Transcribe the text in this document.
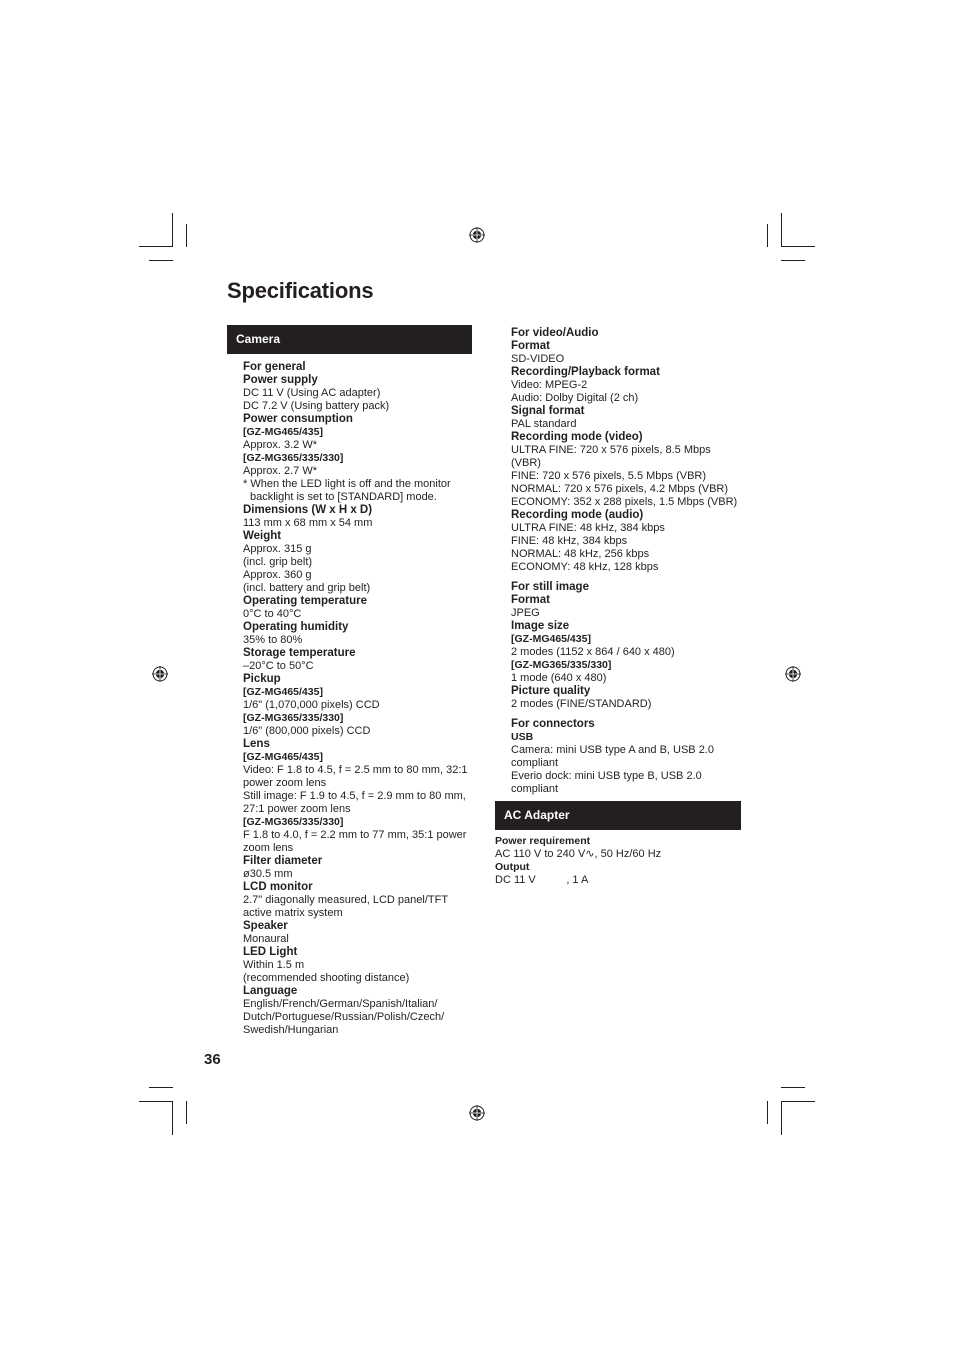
Specifications
Camera
For general
Power supply
DC 11 V (Using AC adapter)
DC 7.2 V (Using battery pack)
Power consumption
[GZ-MG465/435]
Approx. 3.2 W*
[GZ-MG365/335/330]
Approx. 2.7 W*
* When the LED light is off and the monitor backlight is set to [STANDARD] mode.
Dimensions (W x H x D)
113 mm x 68 mm x 54 mm
Weight
Approx. 315 g
(incl. grip belt)
Approx. 360 g
(incl. battery and grip belt)
Operating temperature
0°C to 40°C
Operating humidity
35% to 80%
Storage temperature
–20°C to 50°C
Pickup
[GZ-MG465/435]
1/6" (1,070,000 pixels) CCD
[GZ-MG365/335/330]
1/6" (800,000 pixels) CCD
Lens
[GZ-MG465/435]
Video: F 1.8 to 4.5, f = 2.5 mm to 80 mm, 32:1 power zoom lens
Still image: F 1.9 to 4.5, f = 2.9 mm to 80 mm, 27:1 power zoom lens
[GZ-MG365/335/330]
F 1.8 to 4.0, f = 2.2 mm to 77 mm, 35:1 power zoom lens
Filter diameter
ø30.5 mm
LCD monitor
2.7" diagonally measured, LCD panel/TFT active matrix system
Speaker
Monaural
LED Light
Within 1.5 m
(recommended shooting distance)
Language
English/French/German/Spanish/Italian/
Dutch/Portuguese/Russian/Polish/Czech/
Swedish/Hungarian
For video/Audio
Format
SD-VIDEO
Recording/Playback format
Video: MPEG-2
Audio: Dolby Digital (2 ch)
Signal format
PAL standard
Recording mode (video)
ULTRA FINE: 720 x 576 pixels, 8.5 Mbps (VBR)
FINE: 720 x 576 pixels, 5.5 Mbps (VBR)
NORMAL: 720 x 576 pixels, 4.2 Mbps (VBR)
ECONOMY: 352 x 288 pixels, 1.5 Mbps (VBR)
Recording mode (audio)
ULTRA FINE: 48 kHz, 384 kbps
FINE: 48 kHz, 384 kbps
NORMAL: 48 kHz, 256 kbps
ECONOMY: 48 kHz, 128 kbps
For still image
Format
JPEG
Image size
[GZ-MG465/435]
2 modes (1152 x 864 / 640 x 480)
[GZ-MG365/335/330]
1 mode (640 x 480)
Picture quality
2 modes (FINE/STANDARD)
For connectors
USB
Camera: mini USB type A and B, USB 2.0 compliant
Everio dock: mini USB type B, USB 2.0 compliant
AC Adapter
Power requirement
AC 110 V to 240 V∿, 50 Hz/60 Hz
Output
DC 11 V          , 1 A
36
